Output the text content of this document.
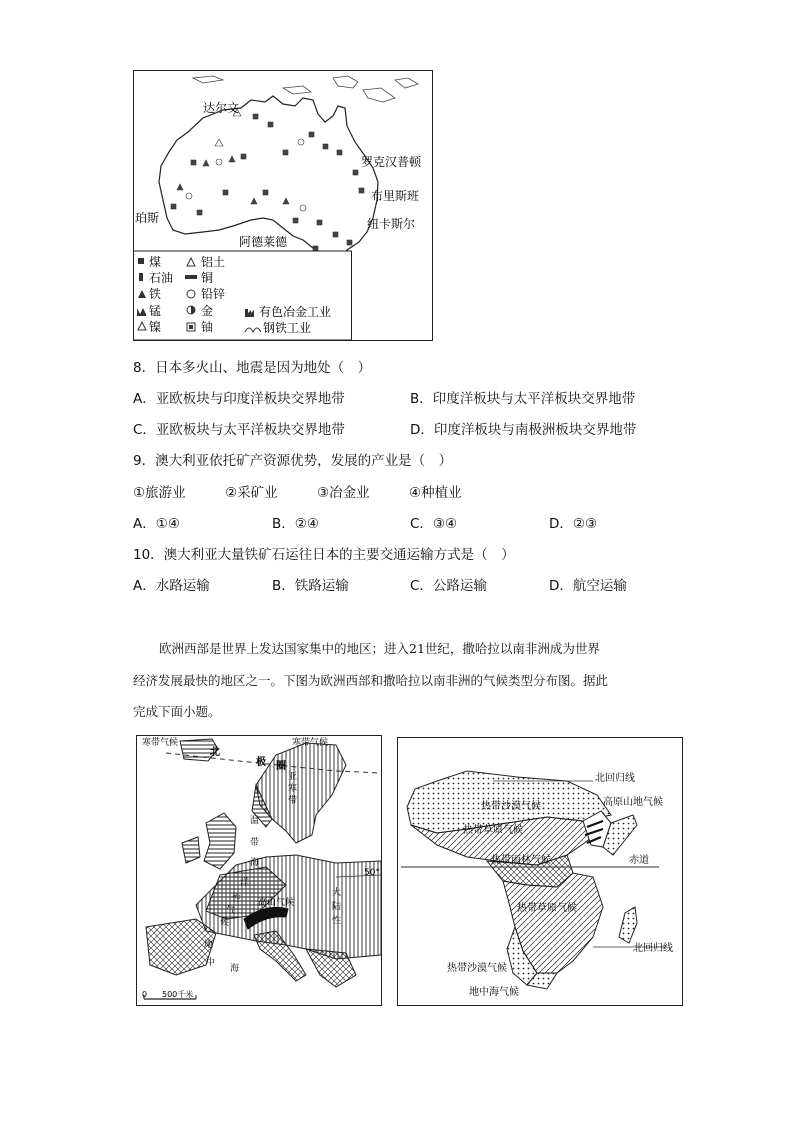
达尔文
罗克汉普顿
布里斯班
珀斯	纽卡斯尔
阿德莱德
煤	铝土
石油 铜
铁	铅锌
锰	金
镍	铀
有色冶金工业
钢铁工业
8．日本多火山、地震是因为地处（　）
A．亚欧板块与印度洋板块交界地带	B．印度洋板块与太平洋板块交界地带
C．亚欧板块与太平洋板块交界地带	D．印度洋板块与南极洲板块交界地带
9．澳大利亚依托矿产资源优势，发展的产业是（　）
①旅游业	②采矿业	③冶金业	④种植业
A．①④	B．②④	C．③④	D．②③
10．澳大利亚大量铁矿石运往日本的主要交通运输方式是（　）
A．水路运输	B．铁路运输	C．公路运输	D．航空运输
欧洲西部是世界上发达国家集中的地区；进入21世纪，撒哈拉以南非洲成为世界
经济发展最快的地区之一。下图为欧洲西部和撒哈拉以南非洲的气候类型分布图。据此
完成下面小题。
寒带气候	寒带气候
北
极 圈
50°
亚
寒
带
温
带
海
洋
性
气
候
大
陆
性
高山气候
地
中
海
0 500千米
北回归线
高原山地气候
热带沙漠气候
热带草原气候
热带雨林气候	赤道
热带草原气候
北回归线
热带沙漠气候
地中海气候
